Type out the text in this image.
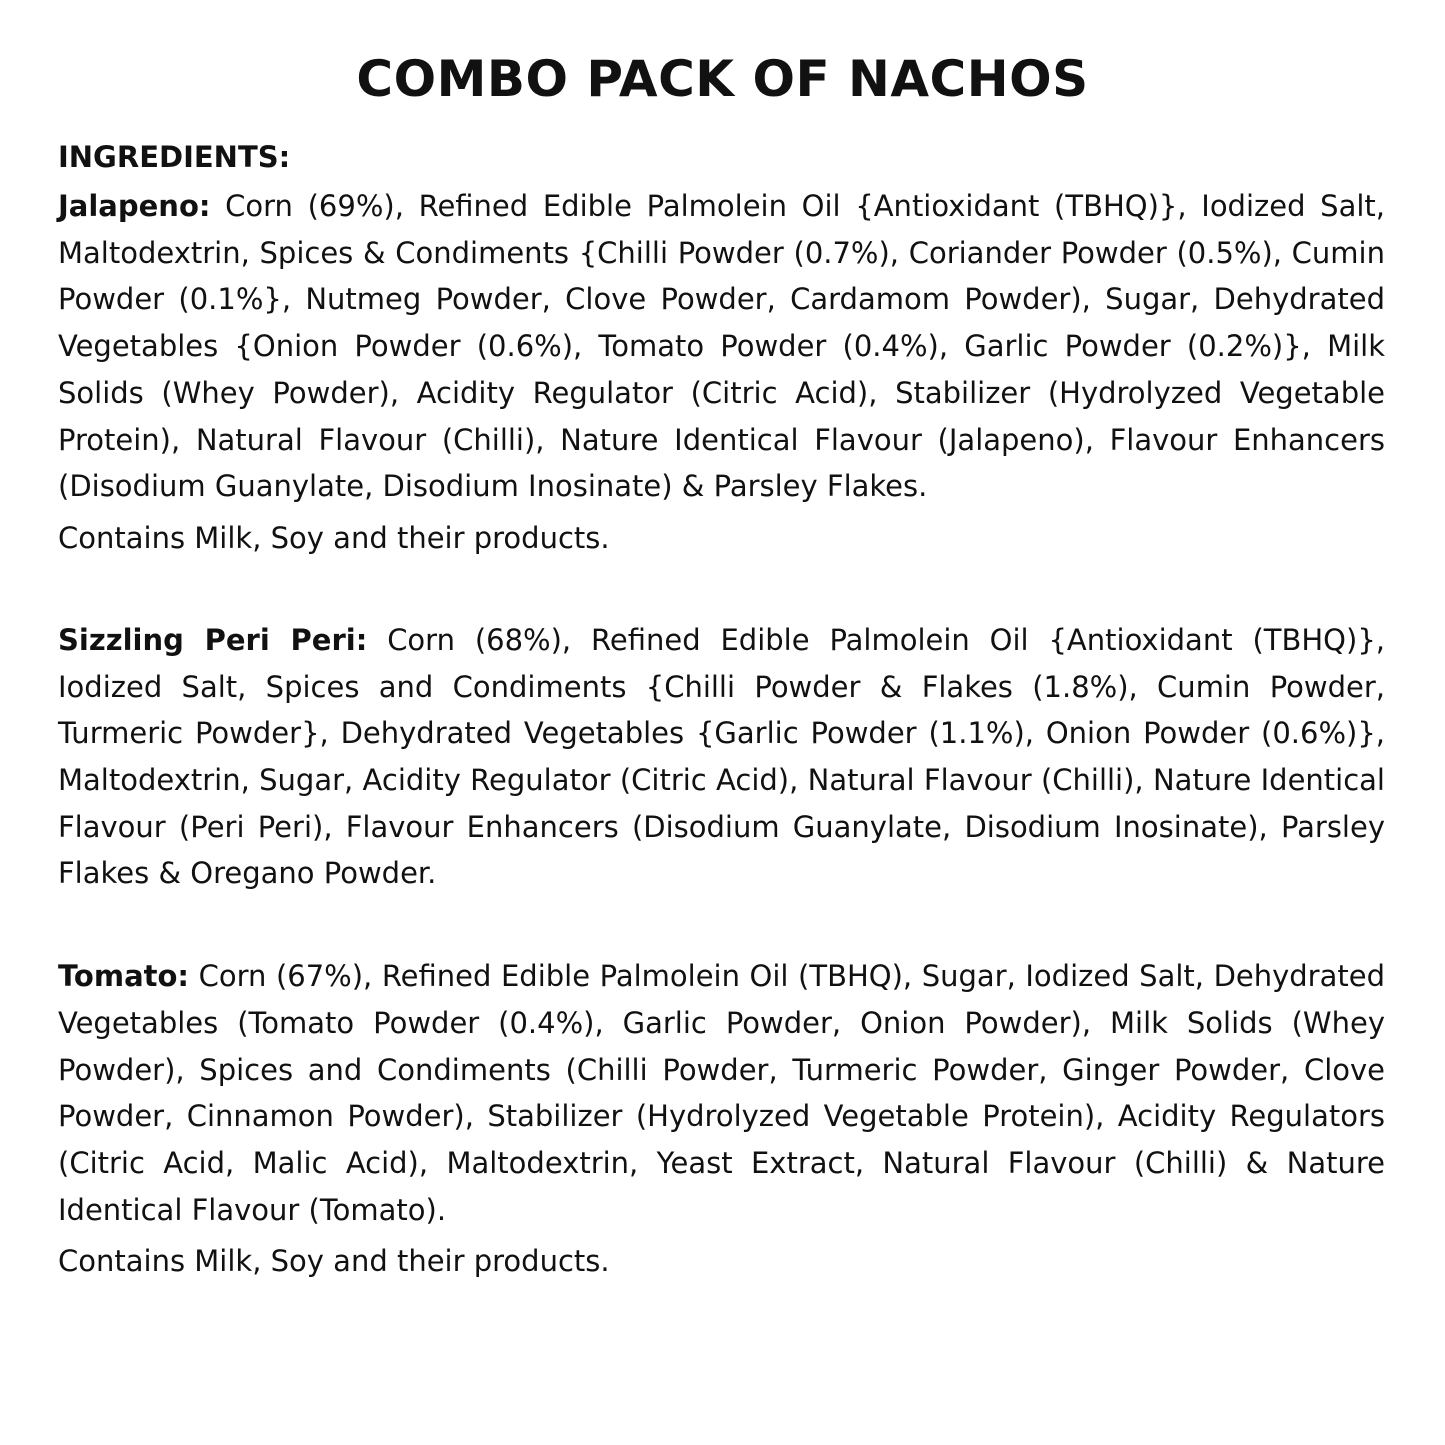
COMBO PACK OF NACHOS
INGREDIENTS:

Jalapeno: Corn (69%), Refined Edible Palmolein Oil {Antioxidant (TBHQ)}, Iodized Salt, Maltodextrin, Spices & Condiments {Chilli Powder (0.7%), Coriander Powder (0.5%), Cumin Powder (0.1%}, Nutmeg Powder, Clove Powder, Cardamom Powder), Sugar, Dehydrated Vegetables {Onion Powder (0.6%), Tomato Powder (0.4%), Garlic Powder (0.2%)}, Milk Solids (Whey Powder), Acidity Regulator (Citric Acid), Stabilizer (Hydrolyzed Vegetable Protein), Natural Flavour (Chilli), Nature Identical Flavour (Jalapeno), Flavour Enhancers (Disodium Guanylate, Disodium Inosinate) & Parsley Flakes.

Contains Milk, Soy and their products.

Sizzling Peri Peri: Corn (68%), Refined Edible Palmolein Oil {Antioxidant (TBHQ)}, Iodized Salt, Spices and Condiments {Chilli Powder & Flakes (1.8%), Cumin Powder, Turmeric Powder}, Dehydrated Vegetables {Garlic Powder (1.1%), Onion Powder (0.6%)}, Maltodextrin, Sugar, Acidity Regulator (Citric Acid), Natural Flavour (Chilli), Nature Identical Flavour (Peri Peri), Flavour Enhancers (Disodium Guanylate, Disodium Inosinate), Parsley Flakes & Oregano Powder.

Tomato: Corn (67%), Refined Edible Palmolein Oil (TBHQ), Sugar, Iodized Salt, Dehydrated Vegetables (Tomato Powder (0.4%), Garlic Powder, Onion Powder), Milk Solids (Whey Powder), Spices and Condiments (Chilli Powder, Turmeric Powder, Ginger Powder, Clove Powder, Cinnamon Powder), Stabilizer (Hydrolyzed Vegetable Protein), Acidity Regulators (Citric Acid, Malic Acid), Maltodextrin, Yeast Extract, Natural Flavour (Chilli) & Nature Identical Flavour (Tomato).

Contains Milk, Soy and their products.
